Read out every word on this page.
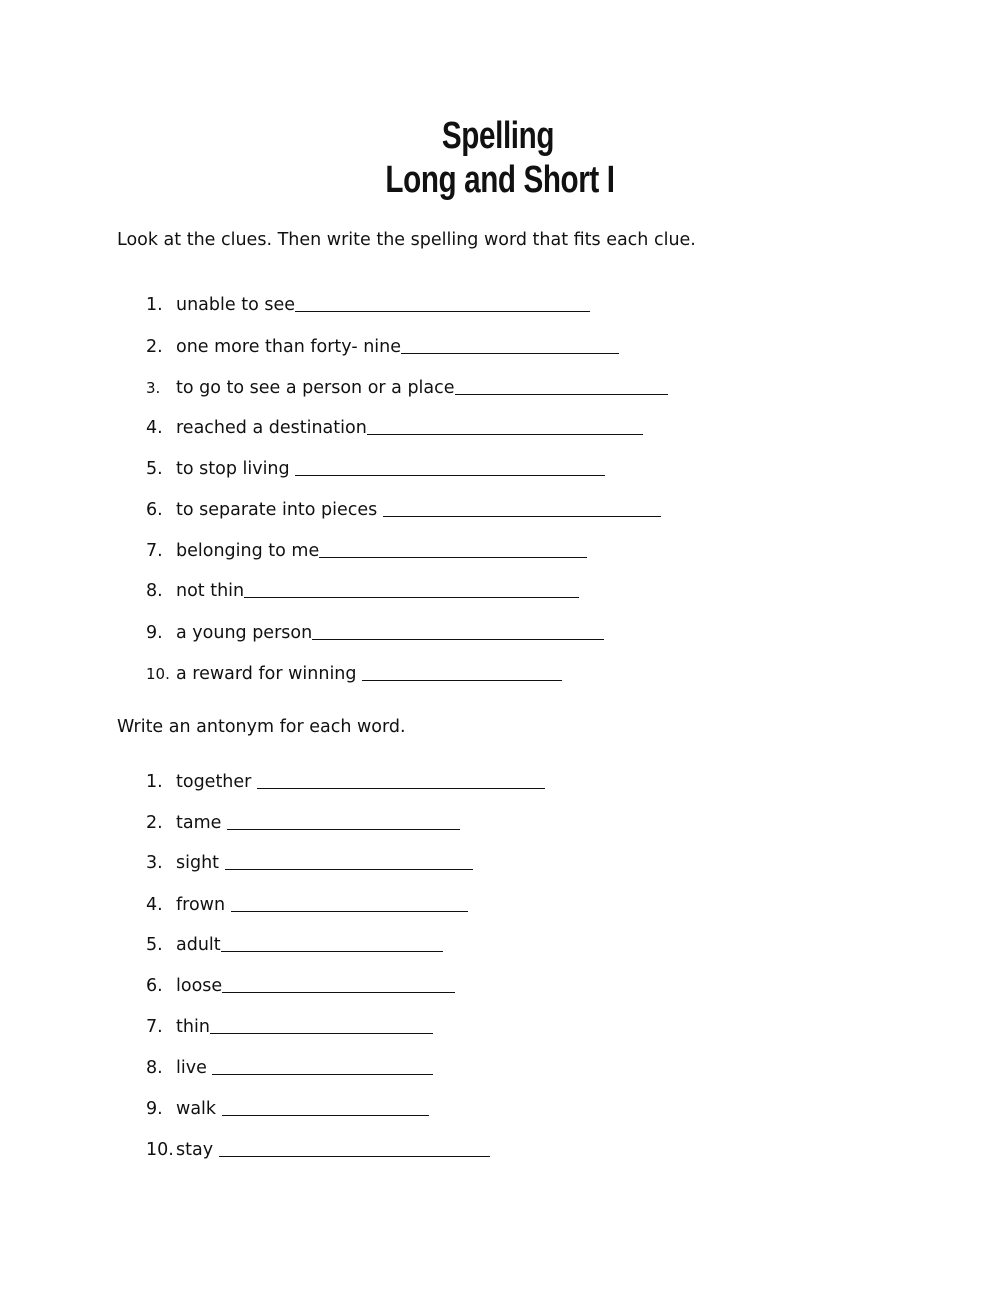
Spelling
Long and Short I
Look at the clues. Then write the spelling word that fits each clue.
1. unable to see
2. one more than forty- nine
3. to go to see a person or a place
4. reached a destination
5. to stop living
6. to separate into pieces
7. belonging to me
8. not thin
9. a young person
10. a reward for winning
Write an antonym for each word.
1. together
2. tame
3. sight
4. frown
5. adult
6. loose
7. thin
8. live
9. walk
10. stay
